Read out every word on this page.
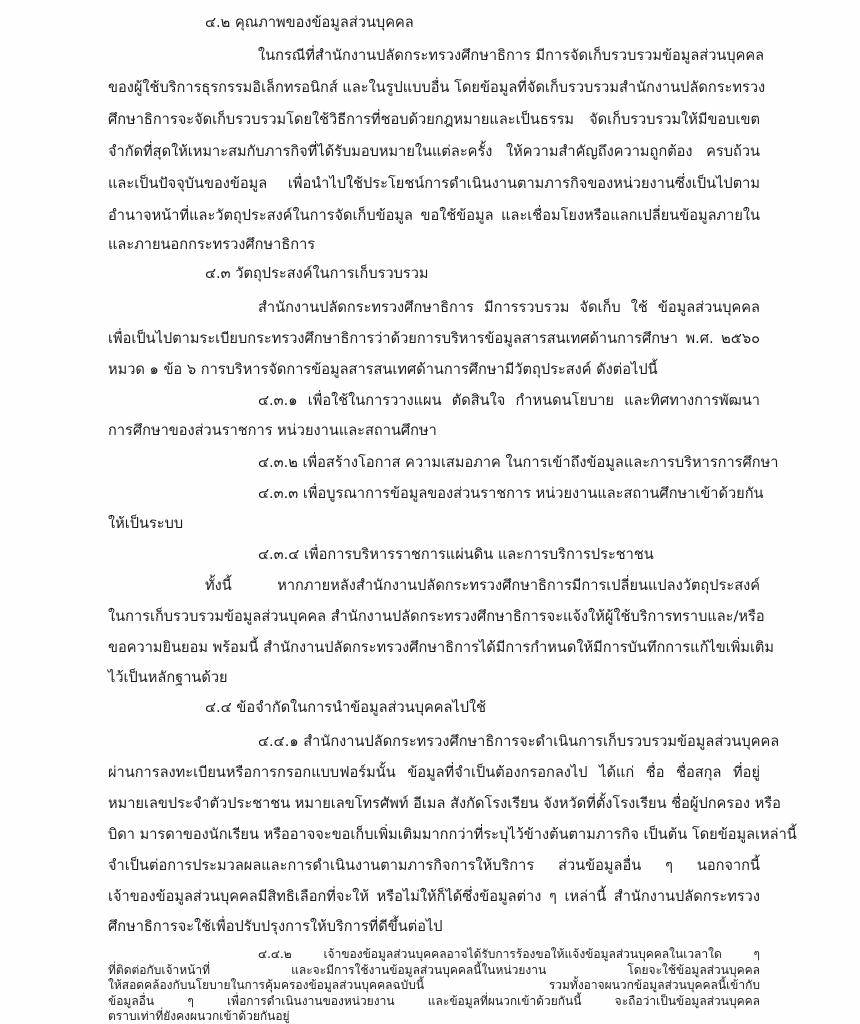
๔.๒ คุณภาพของข้อมูลส่วนบุคคล
ในกรณีที่สำนักงานปลัดกระทรวงศึกษาธิการ มีการจัดเก็บรวบรวมข้อมูลส่วนบุคคล
ของผู้ใช้บริการธุรกรรมอิเล็กทรอนิกส์ และในรูปแบบอื่น โดยข้อมูลที่จัดเก็บรวบรวมสำนักงานปลัดกระทรวง
ศึกษาธิการจะจัดเก็บรวบรวมโดยใช้วิธีการที่ชอบด้วยกฎหมายและเป็นธรรม จัดเก็บรวบรวมให้มีขอบเขต
จำกัดที่สุดให้เหมาะสมกับภารกิจที่ได้รับมอบหมายในแต่ละครั้ง ให้ความสำคัญถึงความถูกต้อง ครบถ้วน
และเป็นปัจจุบันของข้อมูล เพื่อนำไปใช้ประโยชน์การดำเนินงานตามภารกิจของหน่วยงานซึ่งเป็นไปตาม
อำนาจหน้าที่และวัตถุประสงค์ในการจัดเก็บข้อมูล ขอใช้ข้อมูล และเชื่อมโยงหรือแลกเปลี่ยนข้อมูลภายใน
และภายนอกกระทรวงศึกษาธิการ
๔.๓ วัตถุประสงค์ในการเก็บรวบรวม
สำนักงานปลัดกระทรวงศึกษาธิการ มีการรวบรวม จัดเก็บ ใช้ ข้อมูลส่วนบุคคล
เพื่อเป็นไปตามระเบียบกระทรวงศึกษาธิการว่าด้วยการบริหารข้อมูลสารสนเทศด้านการศึกษา พ.ศ. ๒๕๖๐
หมวด ๑ ข้อ ๖ การบริหารจัดการข้อมูลสารสนเทศด้านการศึกษามีวัตถุประสงค์ ดังต่อไปนี้
๔.๓.๑ เพื่อใช้ในการวางแผน ตัดสินใจ กำหนดนโยบาย และทิศทางการพัฒนา
การศึกษาของส่วนราชการ หน่วยงานและสถานศึกษา
๔.๓.๒ เพื่อสร้างโอกาส ความเสมอภาค ในการเข้าถึงข้อมูลและการบริหารการศึกษา
๔.๓.๓ เพื่อบูรณาการข้อมูลของส่วนราชการ หน่วยงานและสถานศึกษาเข้าด้วยกัน
ให้เป็นระบบ
๔.๓.๔ เพื่อการบริหารราชการแผ่นดิน และการบริการประชาชน
ทั้งนี้ หากภายหลังสำนักงานปลัดกระทรวงศึกษาธิการมีการเปลี่ยนแปลงวัตถุประสงค์
ในการเก็บรวบรวมข้อมูลส่วนบุคคล สำนักงานปลัดกระทรวงศึกษาธิการจะแจ้งให้ผู้ใช้บริการทราบและ/หรือ
ขอความยินยอม พร้อมนี้ สำนักงานปลัดกระทรวงศึกษาธิการได้มีการกำหนดให้มีการบันทึกการแก้ไขเพิ่มเติม
ไว้เป็นหลักฐานด้วย
๔.๔ ข้อจำกัดในการนำข้อมูลส่วนบุคคลไปใช้
๔.๔.๑ สำนักงานปลัดกระทรวงศึกษาธิการจะดำเนินการเก็บรวบรวมข้อมูลส่วนบุคคล
ผ่านการลงทะเบียนหรือการกรอกแบบฟอร์มนั้น ข้อมูลที่จำเป็นต้องกรอกลงไป ได้แก่ ชื่อ ชื่อสกุล ที่อยู่
หมายเลขประจำตัวประชาชน หมายเลขโทรศัพท์ อีเมล สังกัดโรงเรียน จังหวัดที่ตั้งโรงเรียน ชื่อผู้ปกครอง หรือ
บิดา มารดาของนักเรียน หรืออาจจะขอเก็บเพิ่มเติมมากกว่าที่ระบุไว้ข้างต้นตามภารกิจ เป็นต้น โดยข้อมูลเหล่านี้
จำเป็นต่อการประมวลผลและการดำเนินงานตามภารกิจการให้บริการ ส่วนข้อมูลอื่น ๆ นอกจากนี้
เจ้าของข้อมูลส่วนบุคคลมีสิทธิเลือกที่จะให้ หรือไม่ให้ก็ได้ซึ่งข้อมูลต่าง ๆ เหล่านี้ สำนักงานปลัดกระทรวง
ศึกษาธิการจะใช้เพื่อปรับปรุงการให้บริการที่ดีขึ้นต่อไป
๔.๔.๒ เจ้าของข้อมูลส่วนบุคคลอาจได้รับการร้องขอให้แจ้งข้อมูลส่วนบุคคลในเวลาใด ๆ
ที่ติดต่อกับเจ้าหน้าที่ และจะมีการใช้งานข้อมูลส่วนบุคคลนี้ในหน่วยงาน โดยจะใช้ข้อมูลส่วนบุคคล
ให้สอดคล้องกับนโยบายในการคุ้มครองข้อมูลส่วนบุคคลฉบับนี้ รวมทั้งอาจผนวกข้อมูลส่วนบุคคลนี้เข้ากับ
ข้อมูลอื่น ๆ เพื่อการดำเนินงานของหน่วยงาน และข้อมูลที่ผนวกเข้าด้วยกันนี้ จะถือว่าเป็นข้อมูลส่วนบุคคล
ตราบเท่าที่ยังคงผนวกเข้าด้วยกันอยู่
